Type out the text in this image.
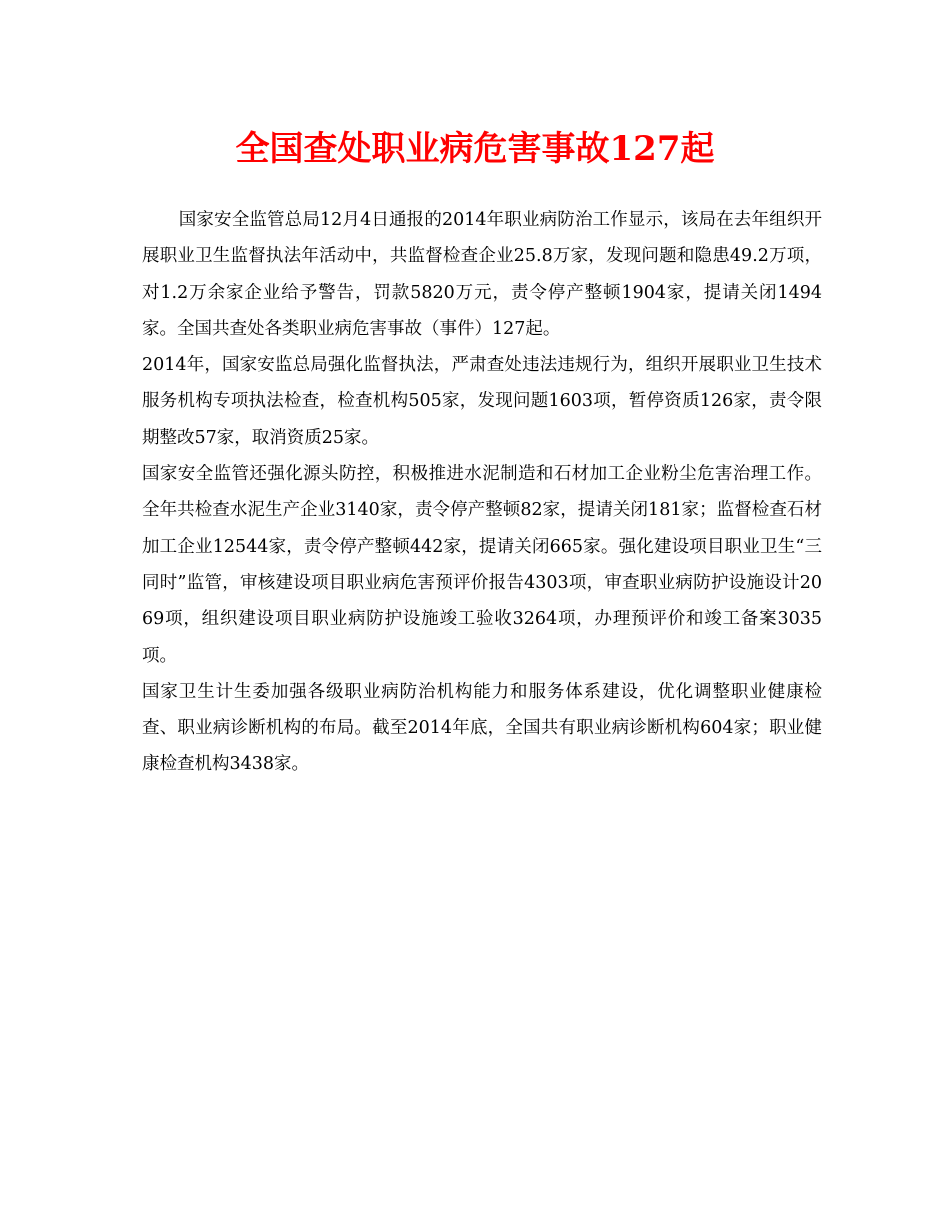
全国查处职业病危害事故127起

国家安全监管总局12月4日通报的2014年职业病防治工作显示，该局在去年组织开展职业卫生监督执法年活动中，共监督检查企业25.8万家，发现问题和隐患49.2万项，对1.2万余家企业给予警告，罚款5820万元，责令停产整顿1904家，提请关闭1494家。全国共查处各类职业病危害事故（事件）127起。

2014年，国家安监总局强化监督执法，严肃查处违法违规行为，组织开展职业卫生技术服务机构专项执法检查，检查机构505家，发现问题1603项，暂停资质126家，责令限期整改57家，取消资质25家。

国家安全监管还强化源头防控，积极推进水泥制造和石材加工企业粉尘危害治理工作。全年共检查水泥生产企业3140家，责令停产整顿82家，提请关闭181家；监督检查石材加工企业12544家，责令停产整顿442家，提请关闭665家。强化建设项目职业卫生“三同时”监管，审核建设项目职业病危害预评价报告4303项，审查职业病防护设施设计2069项，组织建设项目职业病防护设施竣工验收3264项，办理预评价和竣工备案3035项。

国家卫生计生委加强各级职业病防治机构能力和服务体系建设，优化调整职业健康检查、职业病诊断机构的布局。截至2014年底，全国共有职业病诊断机构604家；职业健康检查机构3438家。
